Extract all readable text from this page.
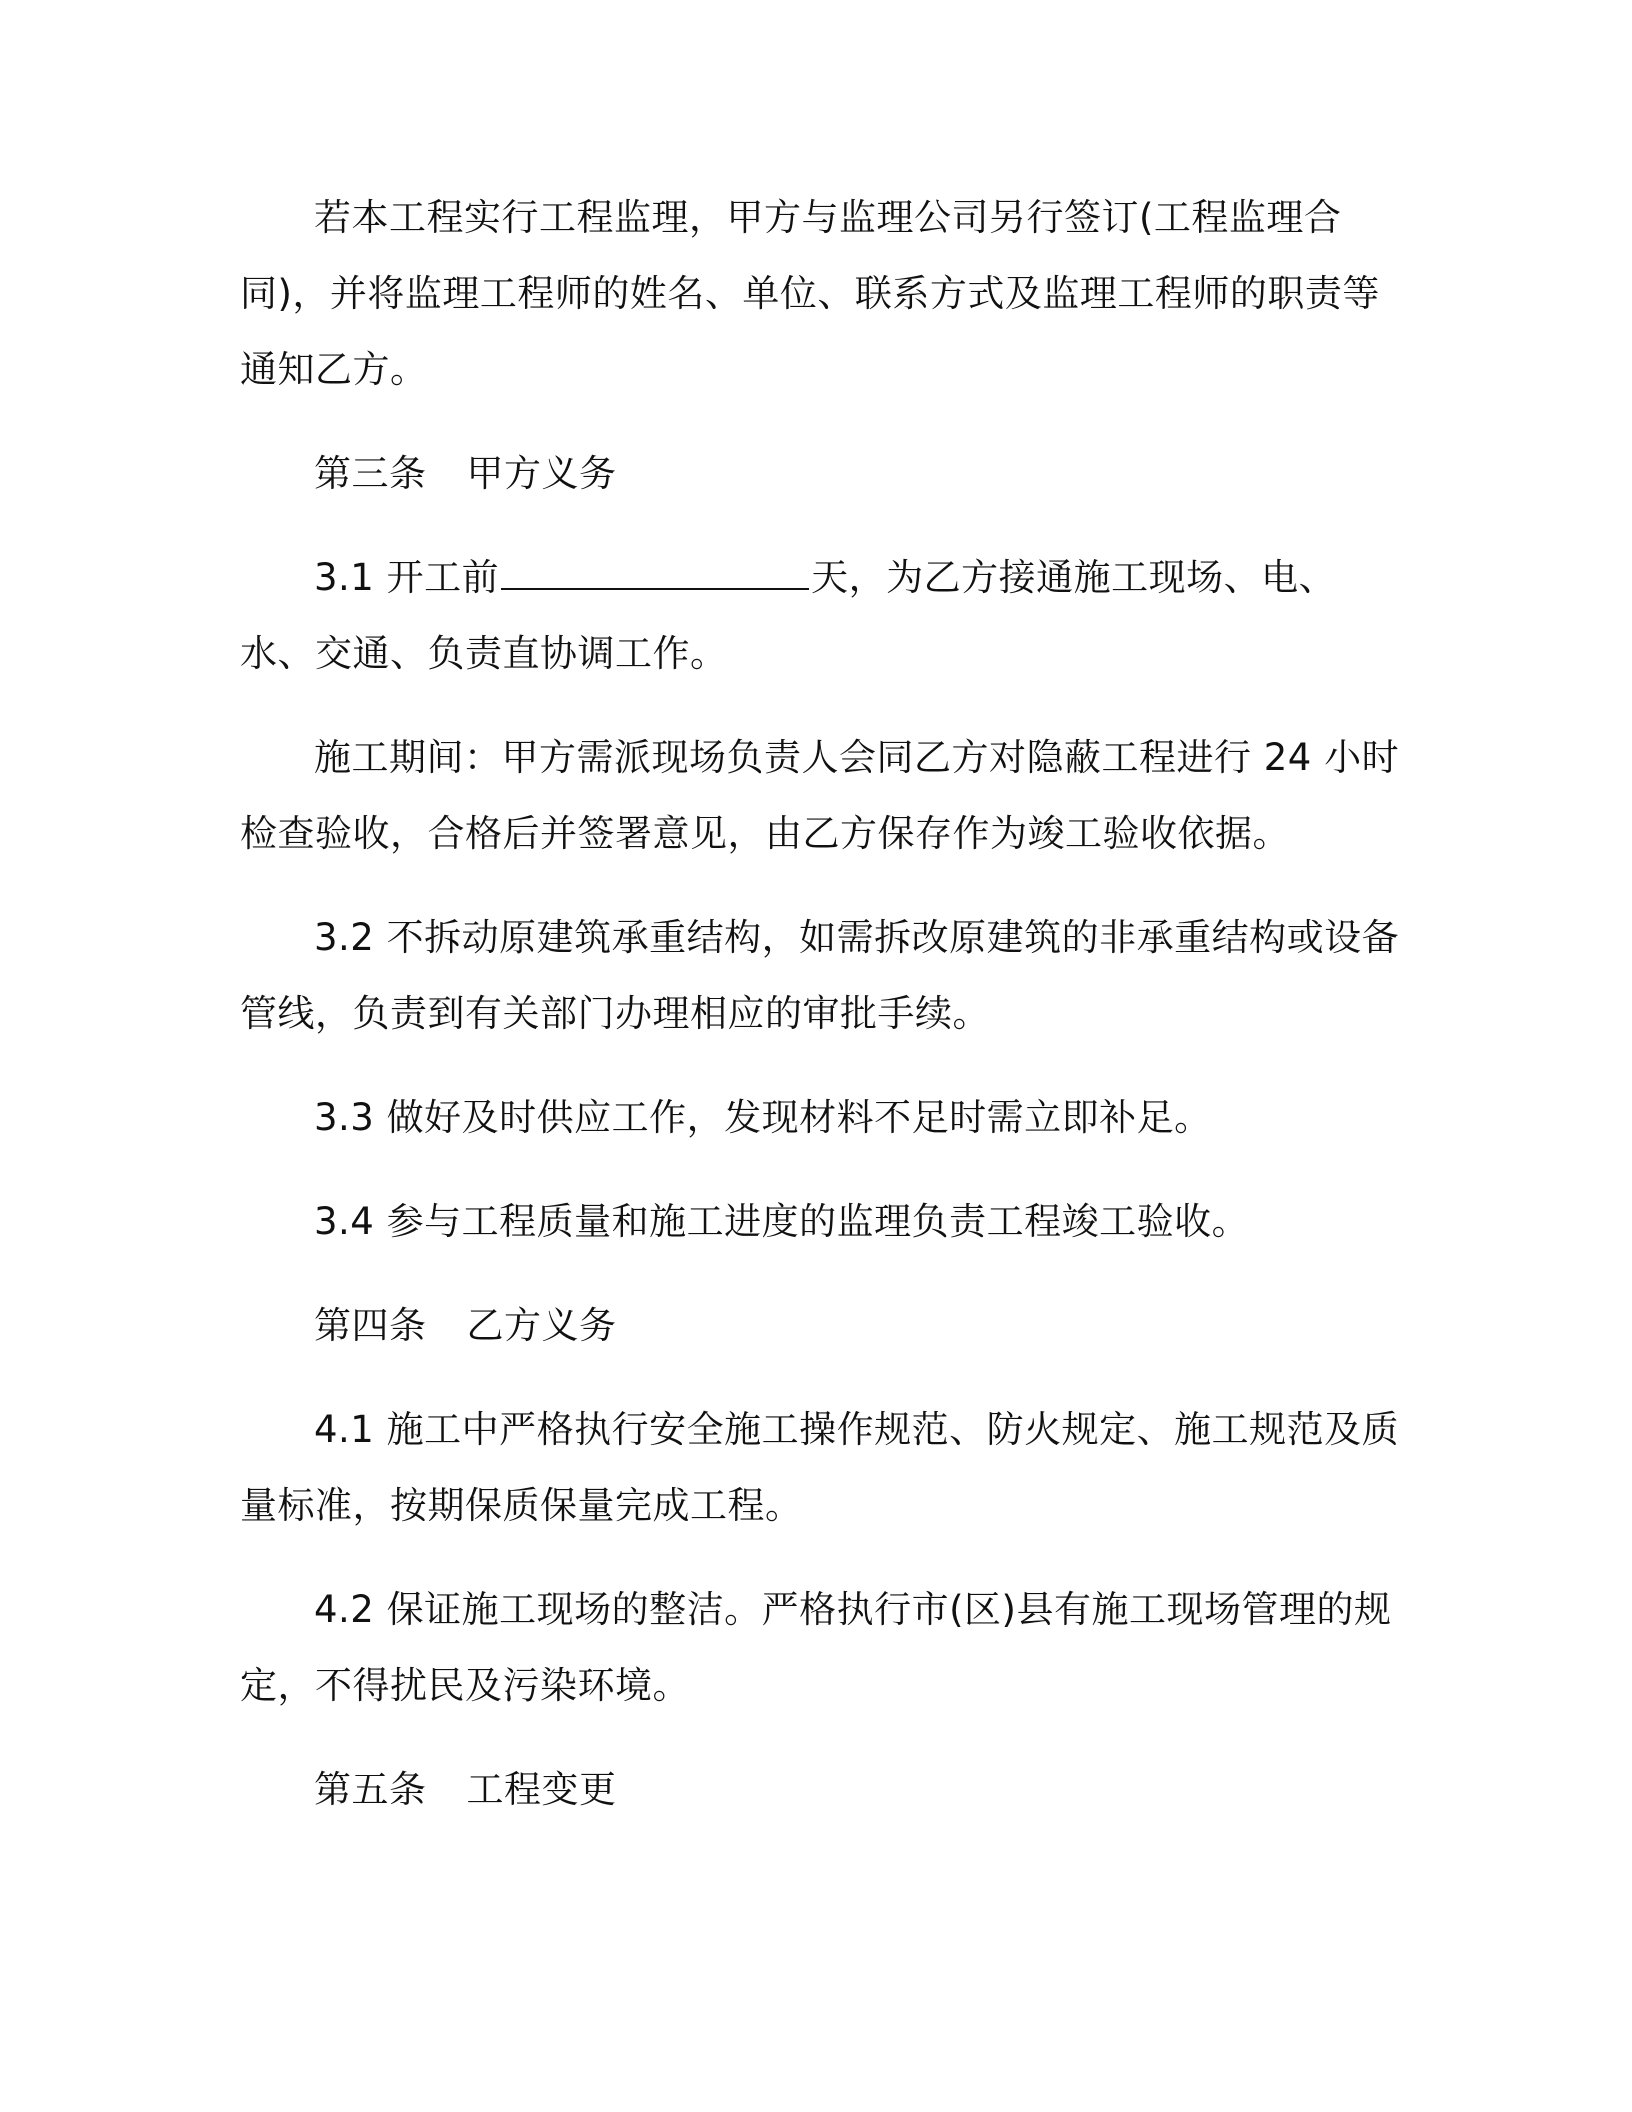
若本工程实行工程监理，甲方与监理公司另行签订(工程监理合同)，并将监理工程师的姓名、单位、联系方式及监理工程师的职责等通知乙方。

第三条 甲方义务

3.1 开工前	天，为乙方接通施工现场、电、水、交通、负责直协调工作。

施工期间：甲方需派现场负责人会同乙方对隐蔽工程进行 24 小时检查验收，合格后并签署意见，由乙方保存作为竣工验收依据。

3.2 不拆动原建筑承重结构，如需拆改原建筑的非承重结构或设备管线，负责到有关部门办理相应的审批手续。

3.3 做好及时供应工作，发现材料不足时需立即补足。

3.4 参与工程质量和施工进度的监理负责工程竣工验收。

第四条 乙方义务

4.1 施工中严格执行安全施工操作规范、防火规定、施工规范及质量标准，按期保质保量完成工程。

4.2 保证施工现场的整洁。严格执行市(区)县有施工现场管理的规定，不得扰民及污染环境。

第五条 工程变更
